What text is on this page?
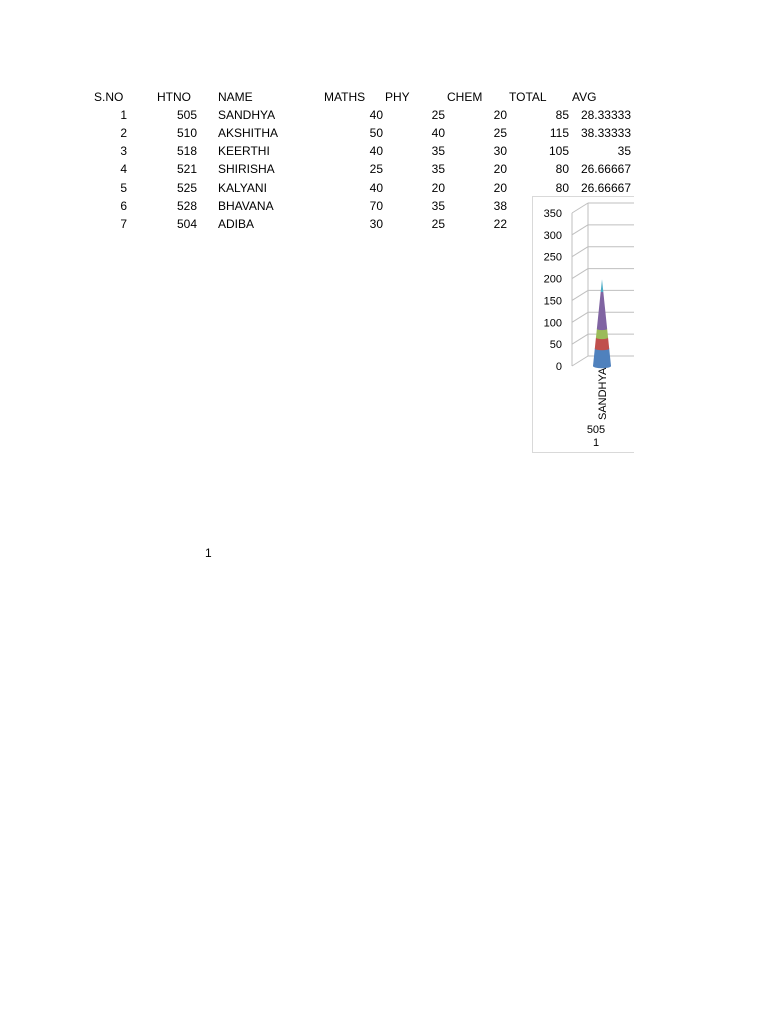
S.NO	HTNO NAME	MATHS PHY	CHEM TOTAL AVG
1	505 SANDHYA	40	25	20	85 28.33333
2	510 AKSHITHA	50	40	25	115 38.33333
3	518 KEERTHI	40	35	30	105	35
4	521 SHIRISHA	25	35	20	80 26.66667
5	525 KALYANI	40	20	20	80 26.66667
6	528 BHAVANA	70	35	38
7	504 ADIBA	30	25	22
350
300
250
200
150
100
50
0
SANDHYA
505
1
1
